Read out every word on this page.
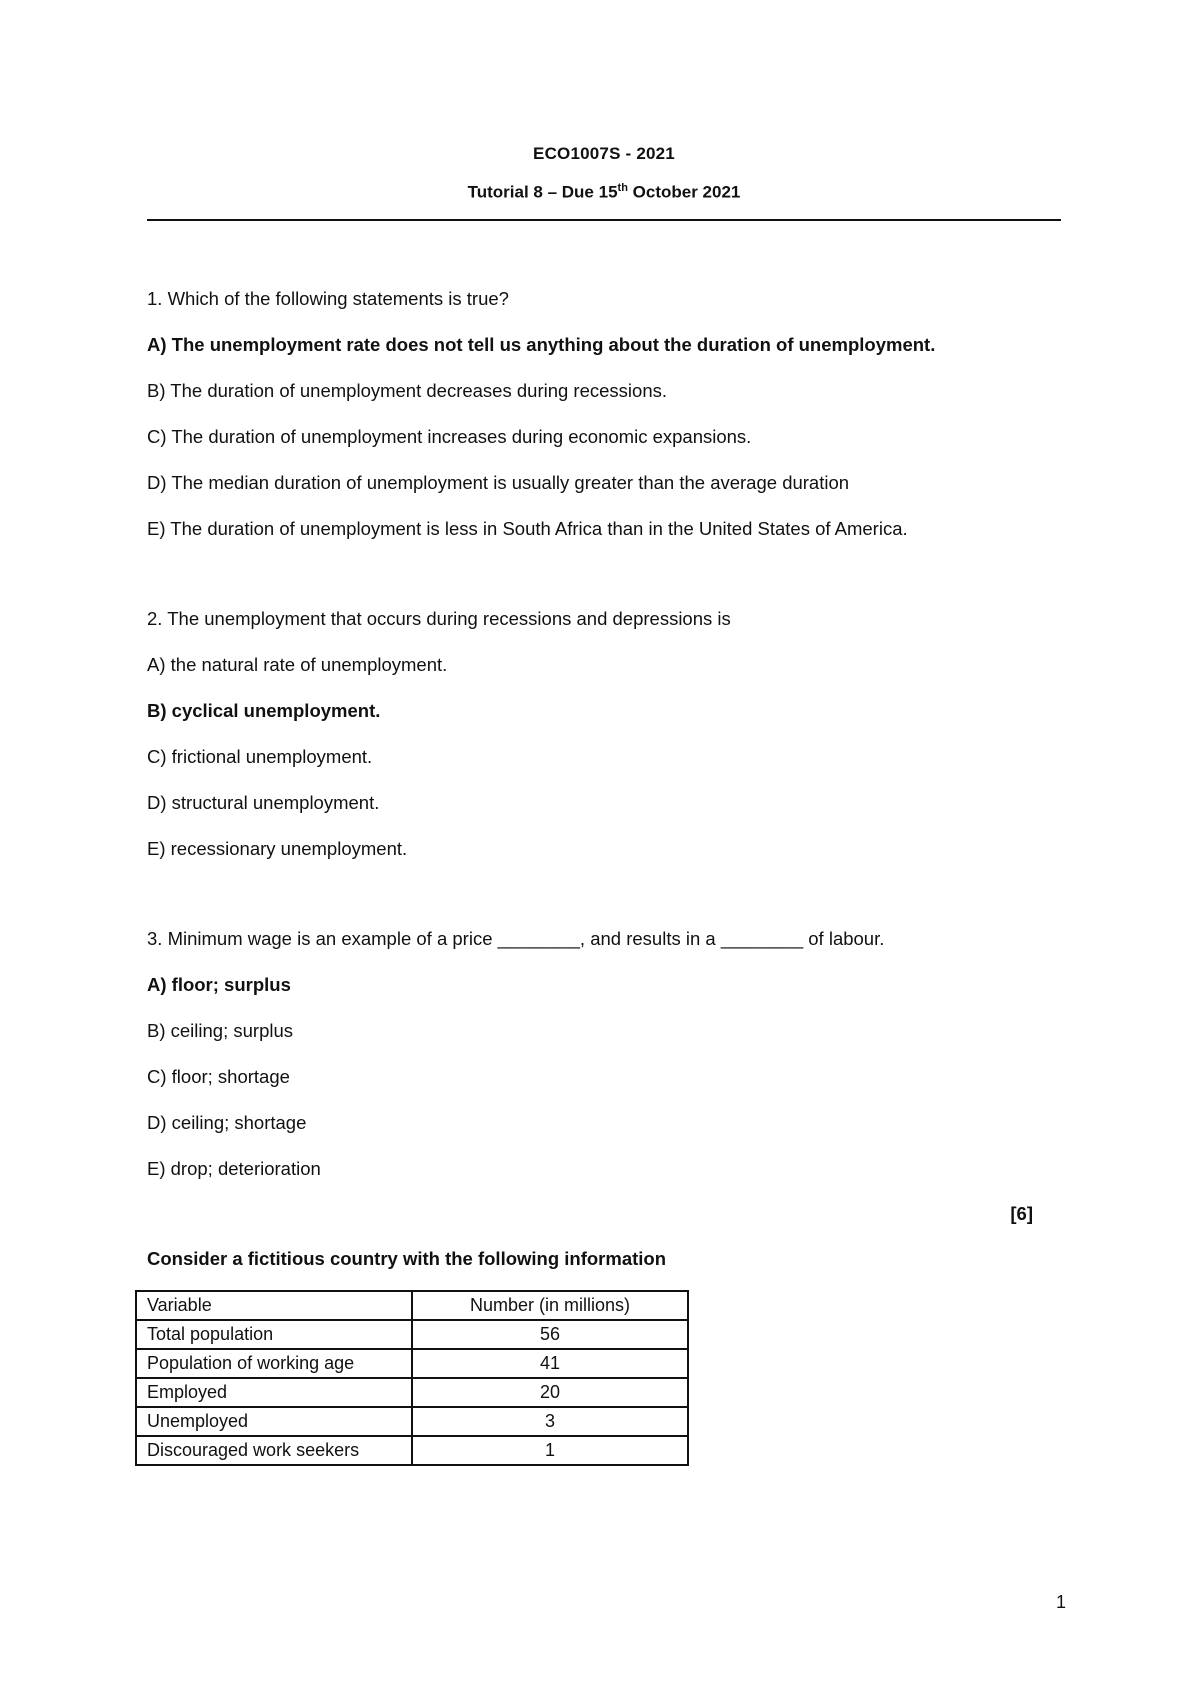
ECO1007S - 2021
Tutorial 8 – Due 15th October 2021
1. Which of the following statements is true?
A) The unemployment rate does not tell us anything about the duration of unemployment.
B) The duration of unemployment decreases during recessions.
C) The duration of unemployment increases during economic expansions.
D) The median duration of unemployment is usually greater than the average duration
E) The duration of unemployment is less in South Africa than in the United States of America.
2. The unemployment that occurs during recessions and depressions is
A) the natural rate of unemployment.
B) cyclical unemployment.
C) frictional unemployment.
D) structural unemployment.
E) recessionary unemployment.
3. Minimum wage is an example of a price ________, and results in a ________ of labour.
A) floor; surplus
B) ceiling; surplus
C) floor; shortage
D) ceiling; shortage
E) drop; deterioration
[6]
Consider a fictitious country with the following information
Variable	Number (in millions)
Total population	56
Population of working age	41
Employed	20
Unemployed	3
Discouraged work seekers	1
1
